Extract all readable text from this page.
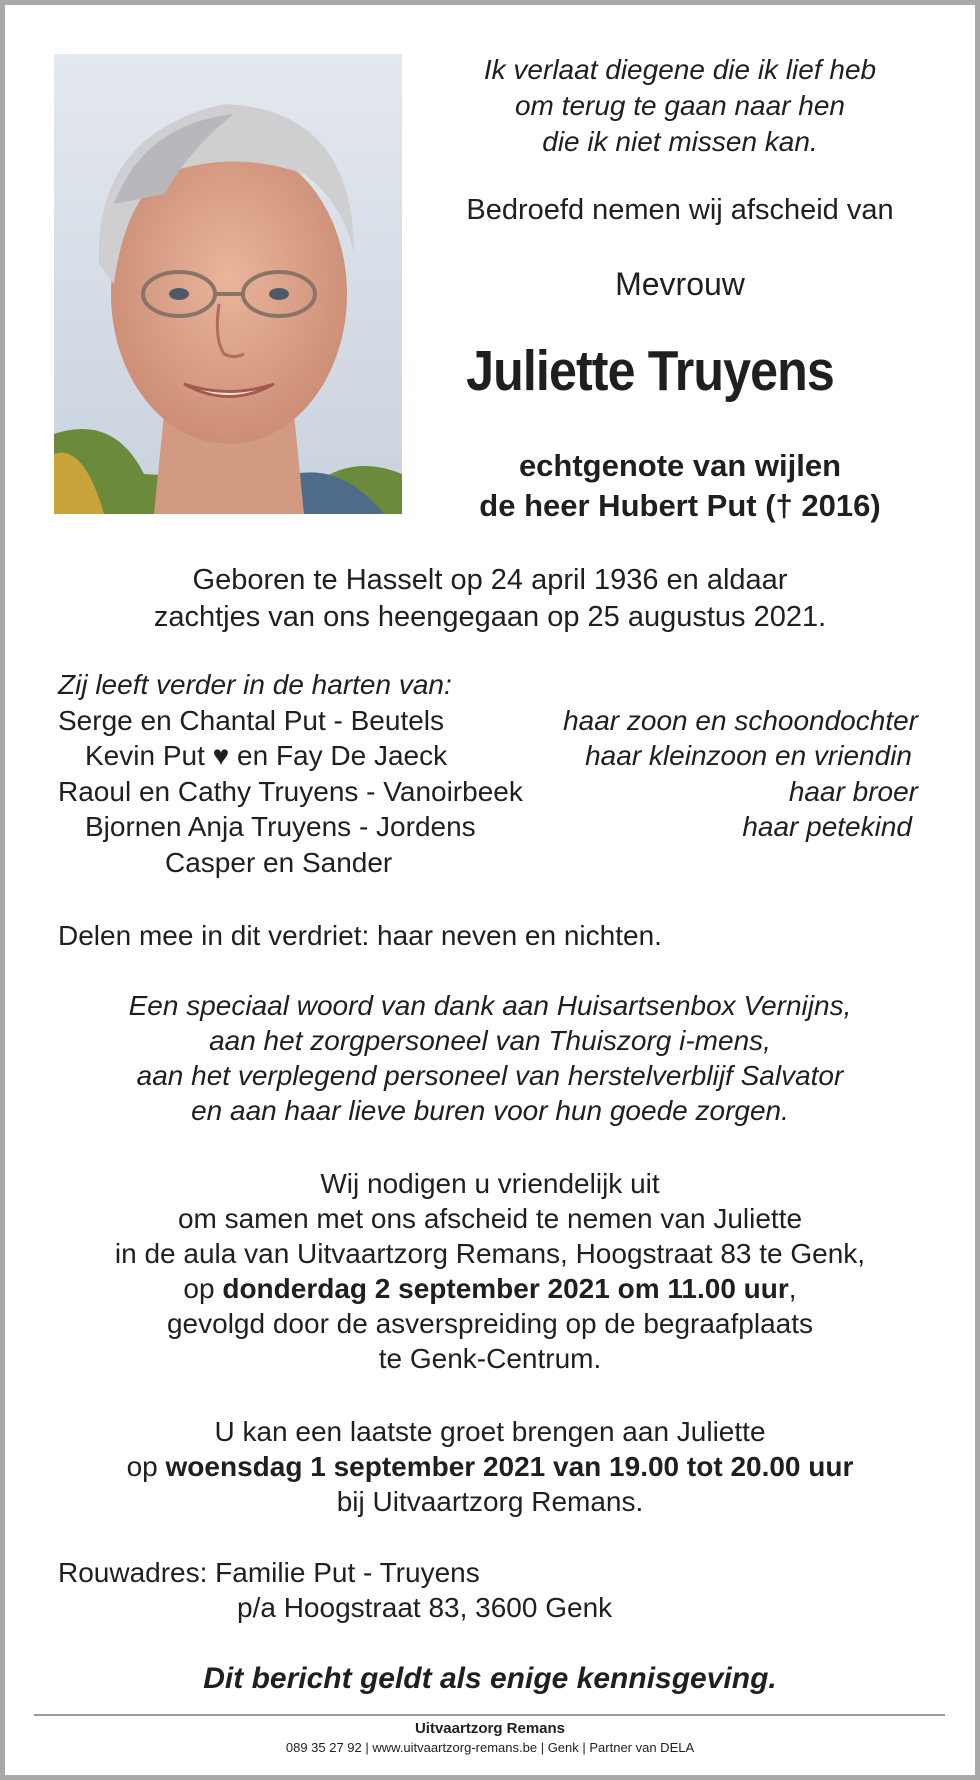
Ik verlaat diegene die ik lief heb
om terug te gaan naar hen
die ik niet missen kan.
Bedroefd nemen wij afscheid van
Mevrouw
Juliette Truyens
echtgenote van wijlen
de heer Hubert Put († 2016)
Geboren te Hasselt op 24 april 1936 en aldaar
zachtjes van ons heengegaan op 25 augustus 2021.
Zij leeft verder in de harten van:
Serge en Chantal Put - Beutels	haar zoon en schoondochter
Kevin Put ♥ en Fay De Jaeck	haar kleinzoon en vriendin
Raoul en Cathy Truyens - Vanoirbeek	haar broer
Bjornen Anja Truyens - Jordens	haar petekind
Casper en Sander
Delen mee in dit verdriet: haar neven en nichten.
Een speciaal woord van dank aan Huisartsenbox Vernijns,
aan het zorgpersoneel van Thuiszorg i-mens,
aan het verplegend personeel van herstelverblijf Salvator
en aan haar lieve buren voor hun goede zorgen.
Wij nodigen u vriendelijk uit
om samen met ons afscheid te nemen van Juliette
in de aula van Uitvaartzorg Remans, Hoogstraat 83 te Genk,
op donderdag 2 september 2021 om 11.00 uur,
gevolgd door de asverspreiding op de begraafplaats
te Genk-Centrum.
U kan een laatste groet brengen aan Juliette
op woensdag 1 september 2021 van 19.00 tot 20.00 uur
bij Uitvaartzorg Remans.
Rouwadres: Familie Put - Truyens
p/a Hoogstraat 83, 3600 Genk
Dit bericht geldt als enige kennisgeving.
Uitvaartzorg Remans
089 35 27 92 | www.uitvaartzorg-remans.be | Genk | Partner van DELA
